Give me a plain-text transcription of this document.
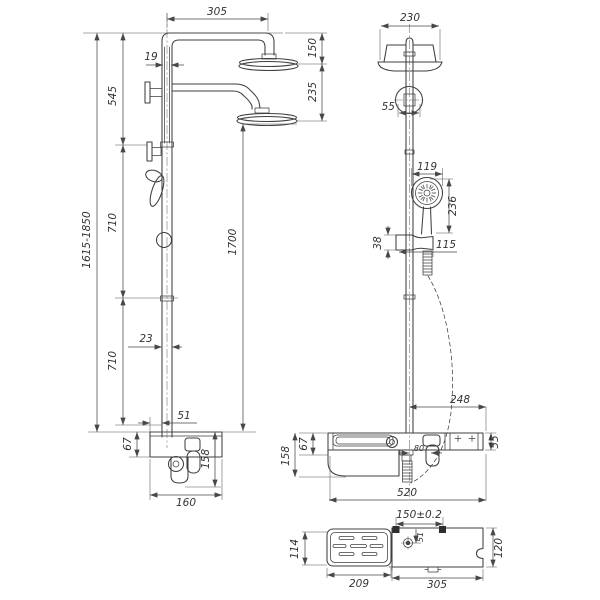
305
19
545
150
235
1615-1850 710
710
23
1700
51
67
158
160
230
55
119
236
38	115
248
67
158	80	55
520
150±0.2
114
209	305
51
120
